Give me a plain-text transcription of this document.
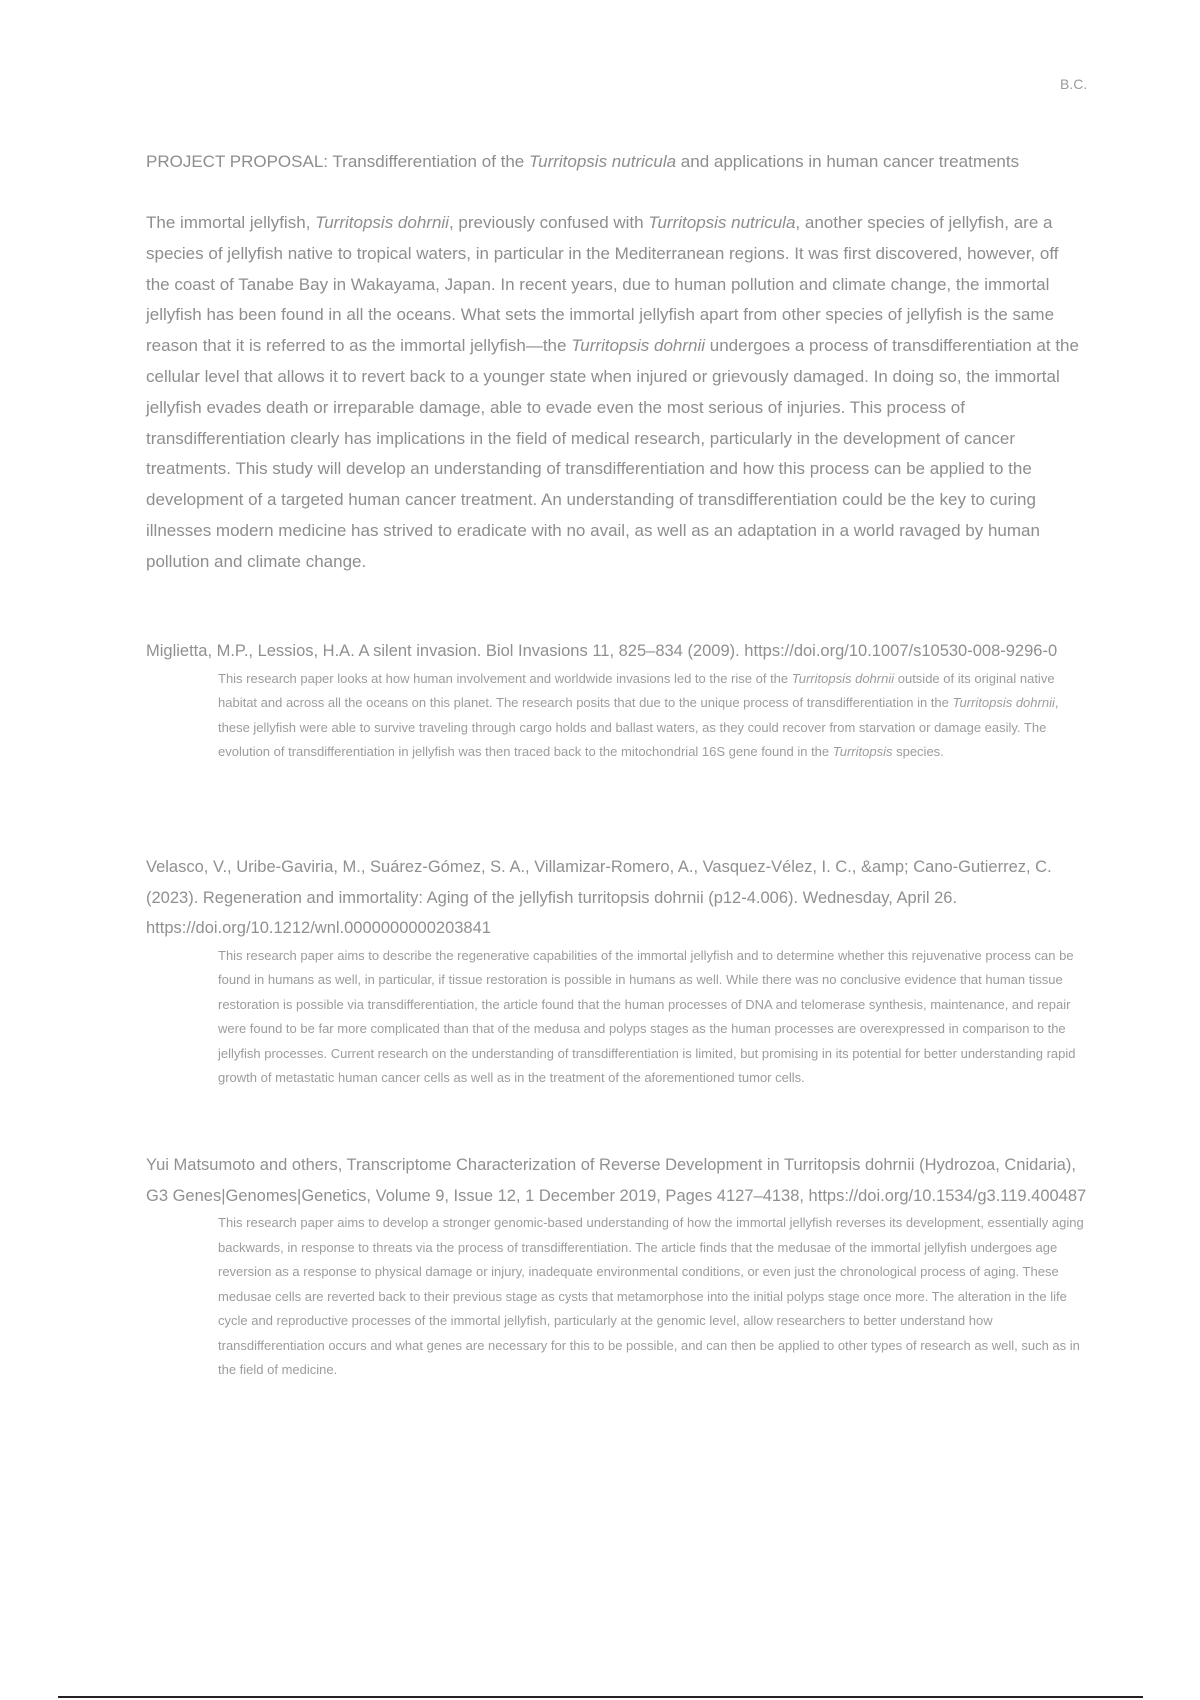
B.C.
PROJECT PROPOSAL: Transdifferentiation of the Turritopsis nutricula and applications in human cancer treatments
The immortal jellyfish, Turritopsis dohrnii, previously confused with Turritopsis nutricula, another species of jellyfish, are a species of jellyfish native to tropical waters, in particular in the Mediterranean regions. It was first discovered, however, off the coast of Tanabe Bay in Wakayama, Japan. In recent years, due to human pollution and climate change, the immortal jellyfish has been found in all the oceans. What sets the immortal jellyfish apart from other species of jellyfish is the same reason that it is referred to as the immortal jellyfish—the Turritopsis dohrnii undergoes a process of transdifferentiation at the cellular level that allows it to revert back to a younger state when injured or grievously damaged. In doing so, the immortal jellyfish evades death or irreparable damage, able to evade even the most serious of injuries. This process of transdifferentiation clearly has implications in the field of medical research, particularly in the development of cancer treatments. This study will develop an understanding of transdifferentiation and how this process can be applied to the development of a targeted human cancer treatment. An understanding of transdifferentiation could be the key to curing illnesses modern medicine has strived to eradicate with no avail, as well as an adaptation in a world ravaged by human pollution and climate change.
Miglietta, M.P., Lessios, H.A. A silent invasion. Biol Invasions 11, 825–834 (2009). https://doi.org/10.1007/s10530-008-9296-0
This research paper looks at how human involvement and worldwide invasions led to the rise of the Turritopsis dohrnii outside of its original native habitat and across all the oceans on this planet. The research posits that due to the unique process of transdifferentiation in the Turritopsis dohrnii, these jellyfish were able to survive traveling through cargo holds and ballast waters, as they could recover from starvation or damage easily. The evolution of transdifferentiation in jellyfish was then traced back to the mitochondrial 16S gene found in the Turritopsis species.
Velasco, V., Uribe-Gaviria, M., Suárez-Gómez, S. A., Villamizar-Romero, A., Vasquez-Vélez, I. C., &amp; Cano-Gutierrez, C. (2023). Regeneration and immortality: Aging of the jellyfish turritopsis dohrnii (p12-4.006). Wednesday, April 26. https://doi.org/10.1212/wnl.0000000000203841
This research paper aims to describe the regenerative capabilities of the immortal jellyfish and to determine whether this rejuvenative process can be found in humans as well, in particular, if tissue restoration is possible in humans as well. While there was no conclusive evidence that human tissue restoration is possible via transdifferentiation, the article found that the human processes of DNA and telomerase synthesis, maintenance, and repair were found to be far more complicated than that of the medusa and polyps stages as the human processes are overexpressed in comparison to the jellyfish processes. Current research on the understanding of transdifferentiation is limited, but promising in its potential for better understanding rapid growth of metastatic human cancer cells as well as in the treatment of the aforementioned tumor cells.
Yui Matsumoto and others, Transcriptome Characterization of Reverse Development in Turritopsis dohrnii (Hydrozoa, Cnidaria), G3 Genes|Genomes|Genetics, Volume 9, Issue 12, 1 December 2019, Pages 4127–4138, https://doi.org/10.1534/g3.119.400487
This research paper aims to develop a stronger genomic-based understanding of how the immortal jellyfish reverses its development, essentially aging backwards, in response to threats via the process of transdifferentiation. The article finds that the medusae of the immortal jellyfish undergoes age reversion as a response to physical damage or injury, inadequate environmental conditions, or even just the chronological process of aging. These medusae cells are reverted back to their previous stage as cysts that metamorphose into the initial polyps stage once more. The alteration in the life cycle and reproductive processes of the immortal jellyfish, particularly at the genomic level, allow researchers to better understand how transdifferentiation occurs and what genes are necessary for this to be possible, and can then be applied to other types of research as well, such as in the field of medicine.
